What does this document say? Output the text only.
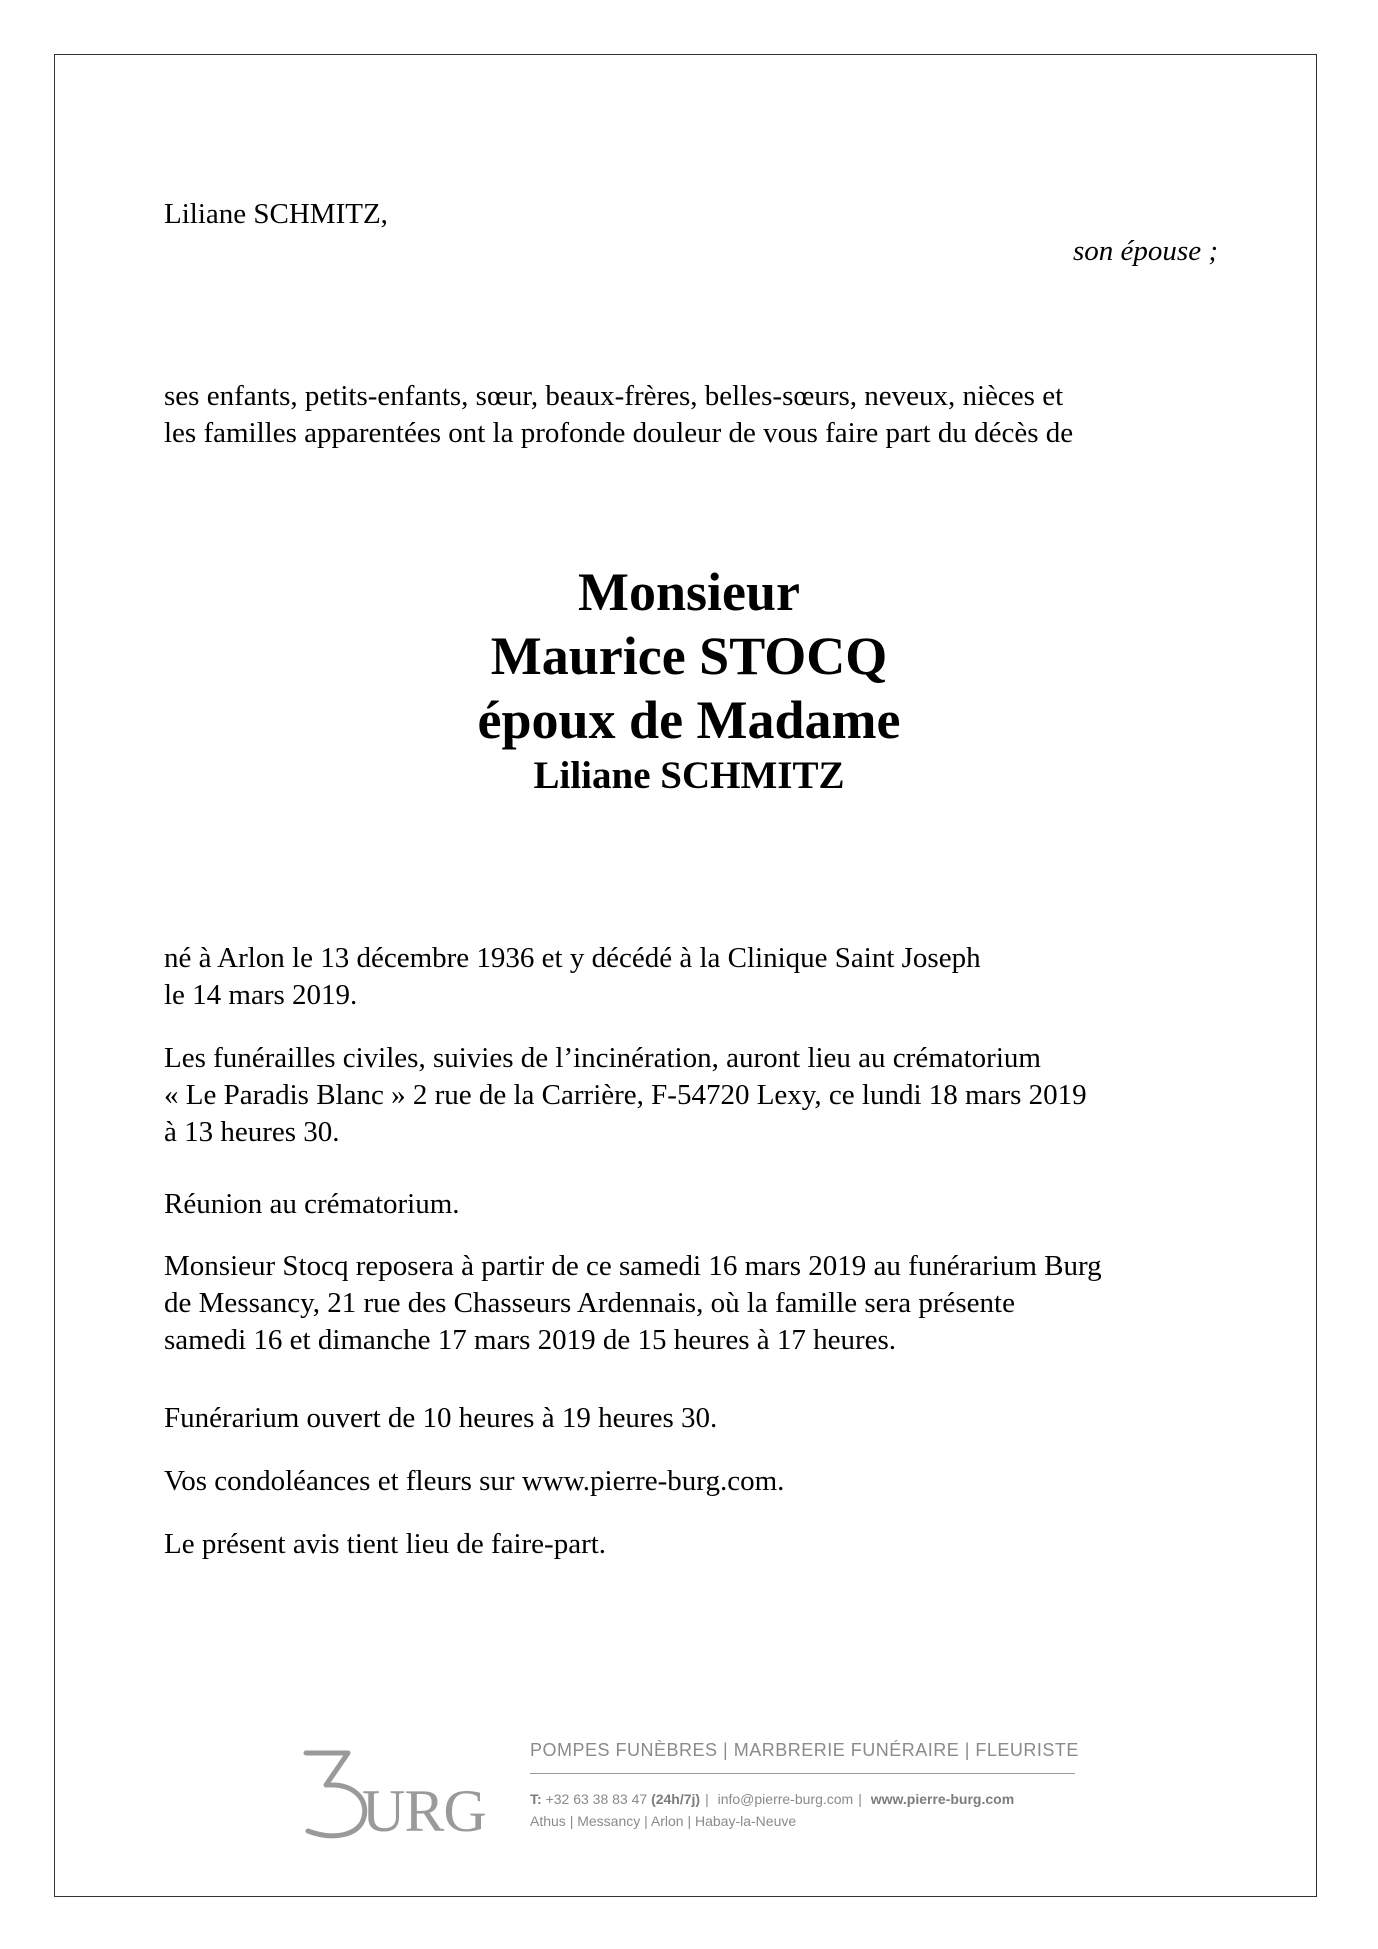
Liliane SCHMITZ,
son épouse ;
ses enfants, petits-enfants, sœur, beaux-frères, belles-sœurs, neveux, nièces et
les familles apparentées ont la profonde douleur de vous faire part du décès de
Monsieur
Maurice STOCQ
époux de Madame
Liliane SCHMITZ
né à Arlon le 13 décembre 1936 et y décédé à la Clinique Saint Joseph
le 14 mars 2019.
Les funérailles civiles, suivies de l’incinération, auront lieu au crématorium
« Le Paradis Blanc » 2 rue de la Carrière, F-54720 Lexy, ce lundi 18 mars 2019
à 13 heures 30.
Réunion au crématorium.
Monsieur Stocq reposera à partir de ce samedi 16 mars 2019 au funérarium Burg
de Messancy, 21 rue des Chasseurs Ardennais, où la famille sera présente
samedi 16 et dimanche 17 mars 2019 de 15 heures à 17 heures.
Funérarium ouvert de 10 heures à 19 heures 30.
Vos condoléances et fleurs sur www.pierre-burg.com.
Le présent avis tient lieu de faire-part.
URG
POMPES FUNÈBRES | MARBRERIE FUNÉRAIRE | FLEURISTE
T: +32 63 38 83 47 (24h/7j) | info@pierre-burg.com | www.pierre-burg.com
Athus | Messancy | Arlon | Habay-la-Neuve
